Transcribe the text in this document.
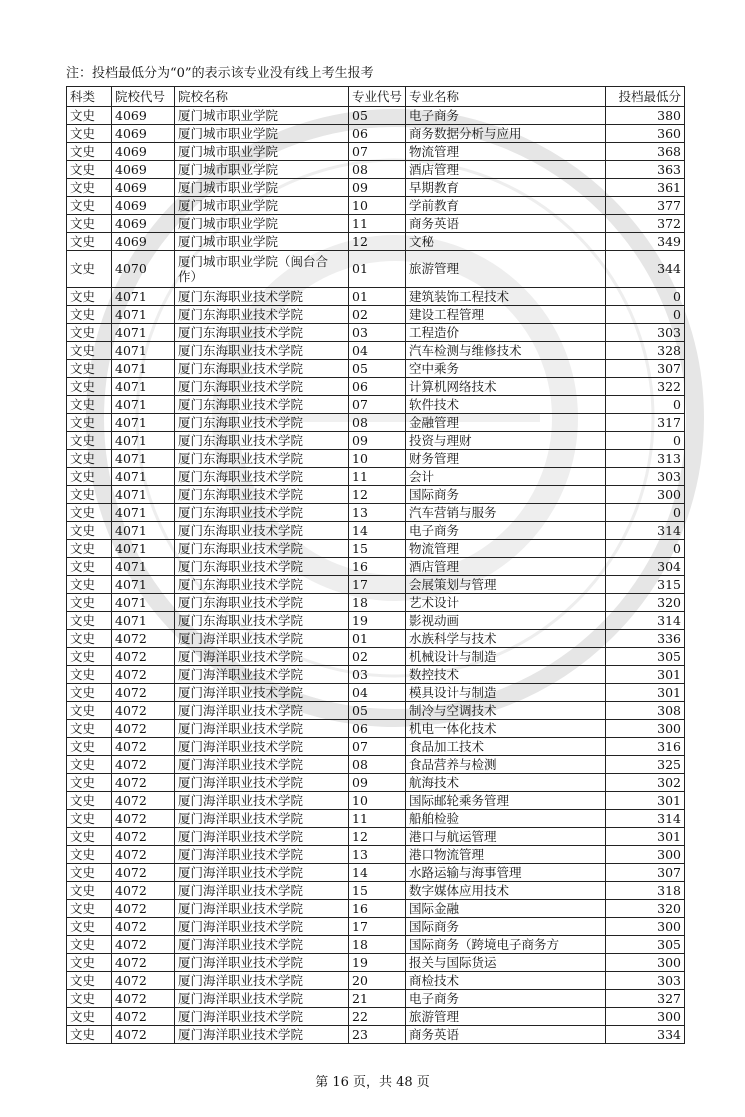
注：投档最低分为“0”的表示该专业没有线上考生报考
科类	院校代号	院校名称	专业代号	专业名称	投档最低分
文史	4069	厦门城市职业学院	05	电子商务	380
文史	4069	厦门城市职业学院	06	商务数据分析与应用	360
文史	4069	厦门城市职业学院	07	物流管理	368
文史	4069	厦门城市职业学院	08	酒店管理	363
文史	4069	厦门城市职业学院	09	早期教育	361
文史	4069	厦门城市职业学院	10	学前教育	377
文史	4069	厦门城市职业学院	11	商务英语	372
文史	4069	厦门城市职业学院	12	文秘	349
文史	4070	厦门城市职业学院（闽台合作）	01	旅游管理	344
文史	4071	厦门东海职业技术学院	01	建筑装饰工程技术	0
文史	4071	厦门东海职业技术学院	02	建设工程管理	0
文史	4071	厦门东海职业技术学院	03	工程造价	303
文史	4071	厦门东海职业技术学院	04	汽车检测与维修技术	328
文史	4071	厦门东海职业技术学院	05	空中乘务	307
文史	4071	厦门东海职业技术学院	06	计算机网络技术	322
文史	4071	厦门东海职业技术学院	07	软件技术	0
文史	4071	厦门东海职业技术学院	08	金融管理	317
文史	4071	厦门东海职业技术学院	09	投资与理财	0
文史	4071	厦门东海职业技术学院	10	财务管理	313
文史	4071	厦门东海职业技术学院	11	会计	303
文史	4071	厦门东海职业技术学院	12	国际商务	300
文史	4071	厦门东海职业技术学院	13	汽车营销与服务	0
文史	4071	厦门东海职业技术学院	14	电子商务	314
文史	4071	厦门东海职业技术学院	15	物流管理	0
文史	4071	厦门东海职业技术学院	16	酒店管理	304
文史	4071	厦门东海职业技术学院	17	会展策划与管理	315
文史	4071	厦门东海职业技术学院	18	艺术设计	320
文史	4071	厦门东海职业技术学院	19	影视动画	314
文史	4072	厦门海洋职业技术学院	01	水族科学与技术	336
文史	4072	厦门海洋职业技术学院	02	机械设计与制造	305
文史	4072	厦门海洋职业技术学院	03	数控技术	301
文史	4072	厦门海洋职业技术学院	04	模具设计与制造	301
文史	4072	厦门海洋职业技术学院	05	制冷与空调技术	308
文史	4072	厦门海洋职业技术学院	06	机电一体化技术	300
文史	4072	厦门海洋职业技术学院	07	食品加工技术	316
文史	4072	厦门海洋职业技术学院	08	食品营养与检测	325
文史	4072	厦门海洋职业技术学院	09	航海技术	302
文史	4072	厦门海洋职业技术学院	10	国际邮轮乘务管理	301
文史	4072	厦门海洋职业技术学院	11	船舶检验	314
文史	4072	厦门海洋职业技术学院	12	港口与航运管理	301
文史	4072	厦门海洋职业技术学院	13	港口物流管理	300
文史	4072	厦门海洋职业技术学院	14	水路运输与海事管理	307
文史	4072	厦门海洋职业技术学院	15	数字媒体应用技术	318
文史	4072	厦门海洋职业技术学院	16	国际金融	320
文史	4072	厦门海洋职业技术学院	17	国际商务	300
文史	4072	厦门海洋职业技术学院	18	国际商务（跨境电子商务方	305
文史	4072	厦门海洋职业技术学院	19	报关与国际货运	300
文史	4072	厦门海洋职业技术学院	20	商检技术	303
文史	4072	厦门海洋职业技术学院	21	电子商务	327
文史	4072	厦门海洋职业技术学院	22	旅游管理	300
文史	4072	厦门海洋职业技术学院	23	商务英语	334
第 16 页，共 48 页
